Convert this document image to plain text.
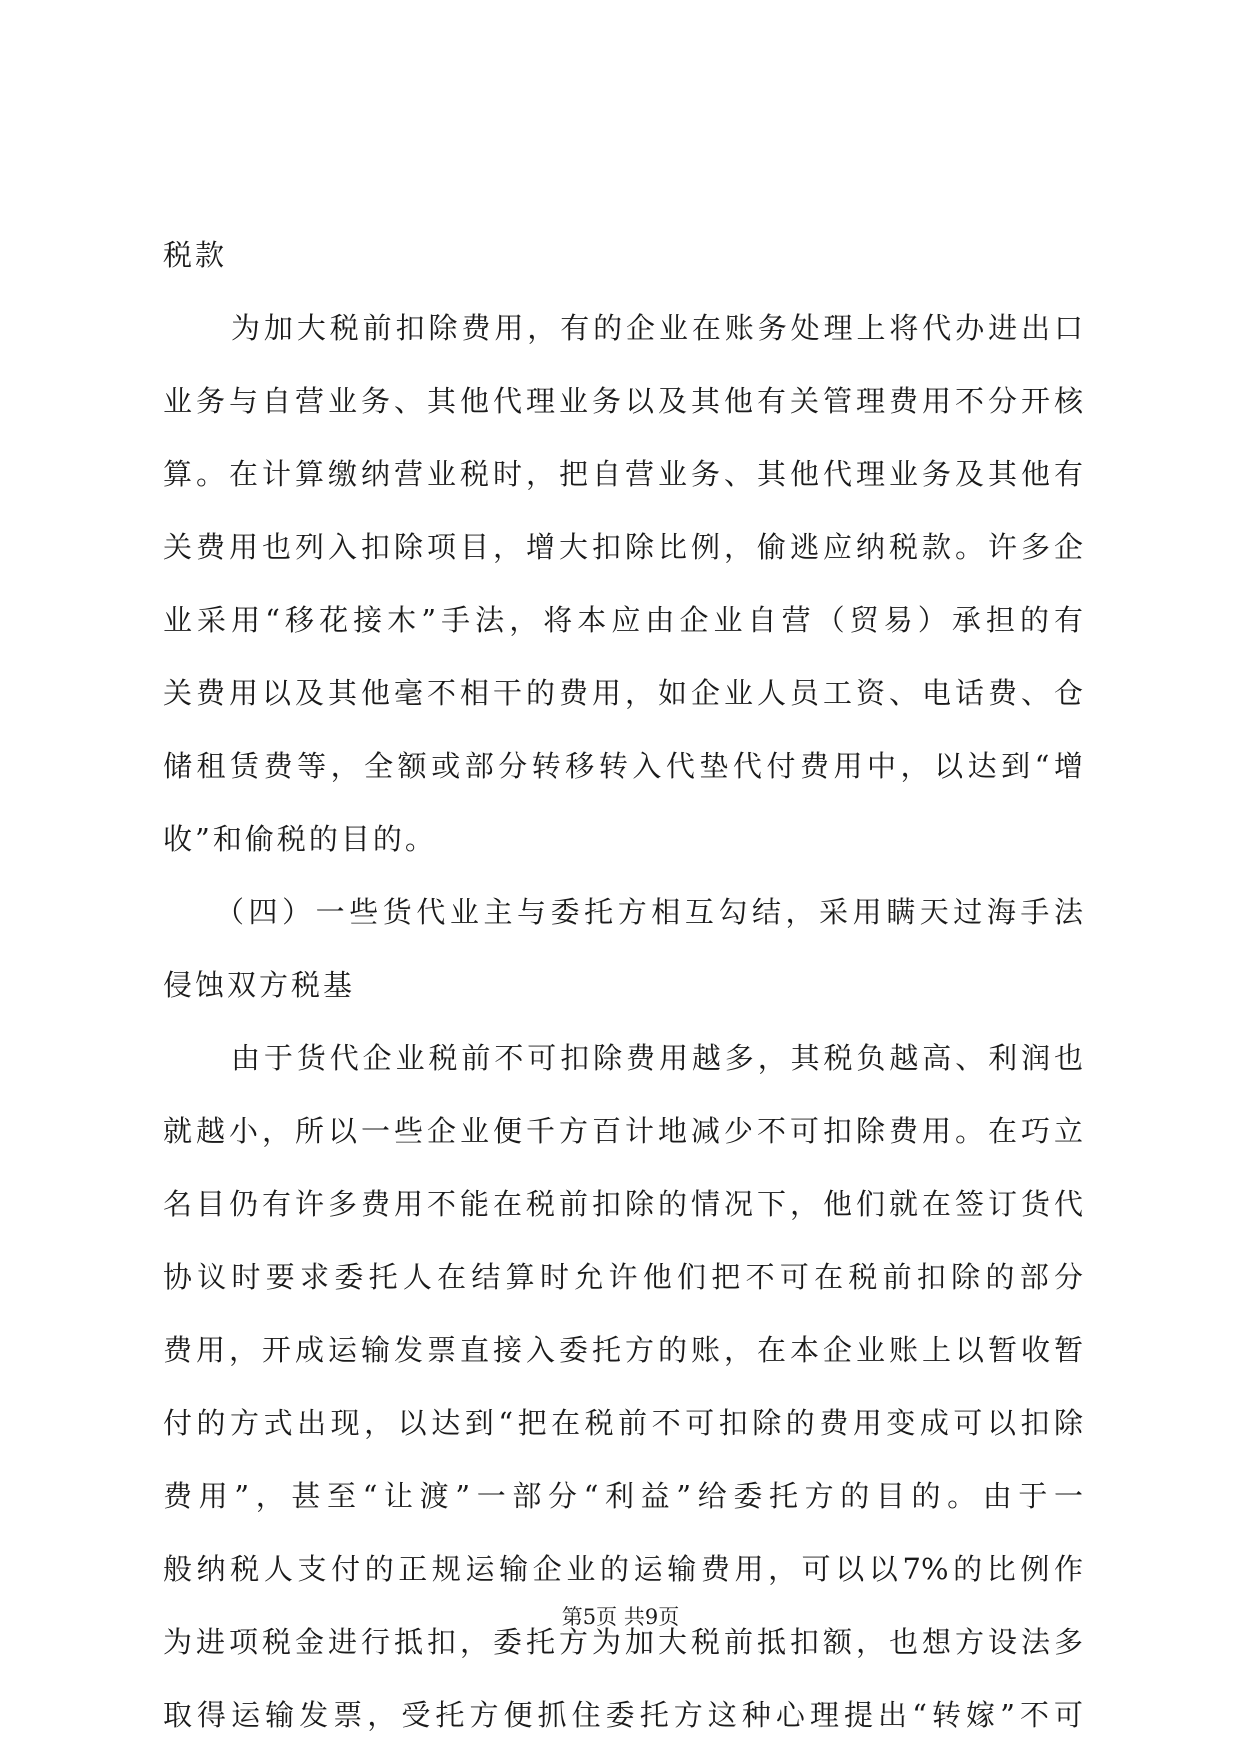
税款
为加大税前扣除费用，有的企业在账务处理上将代办进出口
业务与自营业务、其他代理业务以及其他有关管理费用不分开核
算。在计算缴纳营业税时，把自营业务、其他代理业务及其他有
关费用也列入扣除项目，增大扣除比例，偷逃应纳税款。许多企
业采用“移花接木”手法，将本应由企业自营（贸易）承担的有
关费用以及其他毫不相干的费用，如企业人员工资、电话费、仓
储租赁费等，全额或部分转移转入代垫代付费用中，以达到“增
收”和偷税的目的。
（四）一些货代业主与委托方相互勾结，采用瞒天过海手法
侵蚀双方税基
由于货代企业税前不可扣除费用越多，其税负越高、利润也
就越小，所以一些企业便千方百计地减少不可扣除费用。在巧立
名目仍有许多费用不能在税前扣除的情况下，他们就在签订货代
协议时要求委托人在结算时允许他们把不可在税前扣除的部分
费用，开成运输发票直接入委托方的账，在本企业账上以暂收暂
付的方式出现，以达到“把在税前不可扣除的费用变成可以扣除
费用”，甚至“让渡”一部分“利益”给委托方的目的。由于一
般纳税人支付的正规运输企业的运输费用，可以以7%的比例作
为进项税金进行抵扣，委托方为加大税前抵扣额，也想方设法多
取得运输发票，受托方便抓住委托方这种心理提出“转嫁”不可
第5页 共9页
